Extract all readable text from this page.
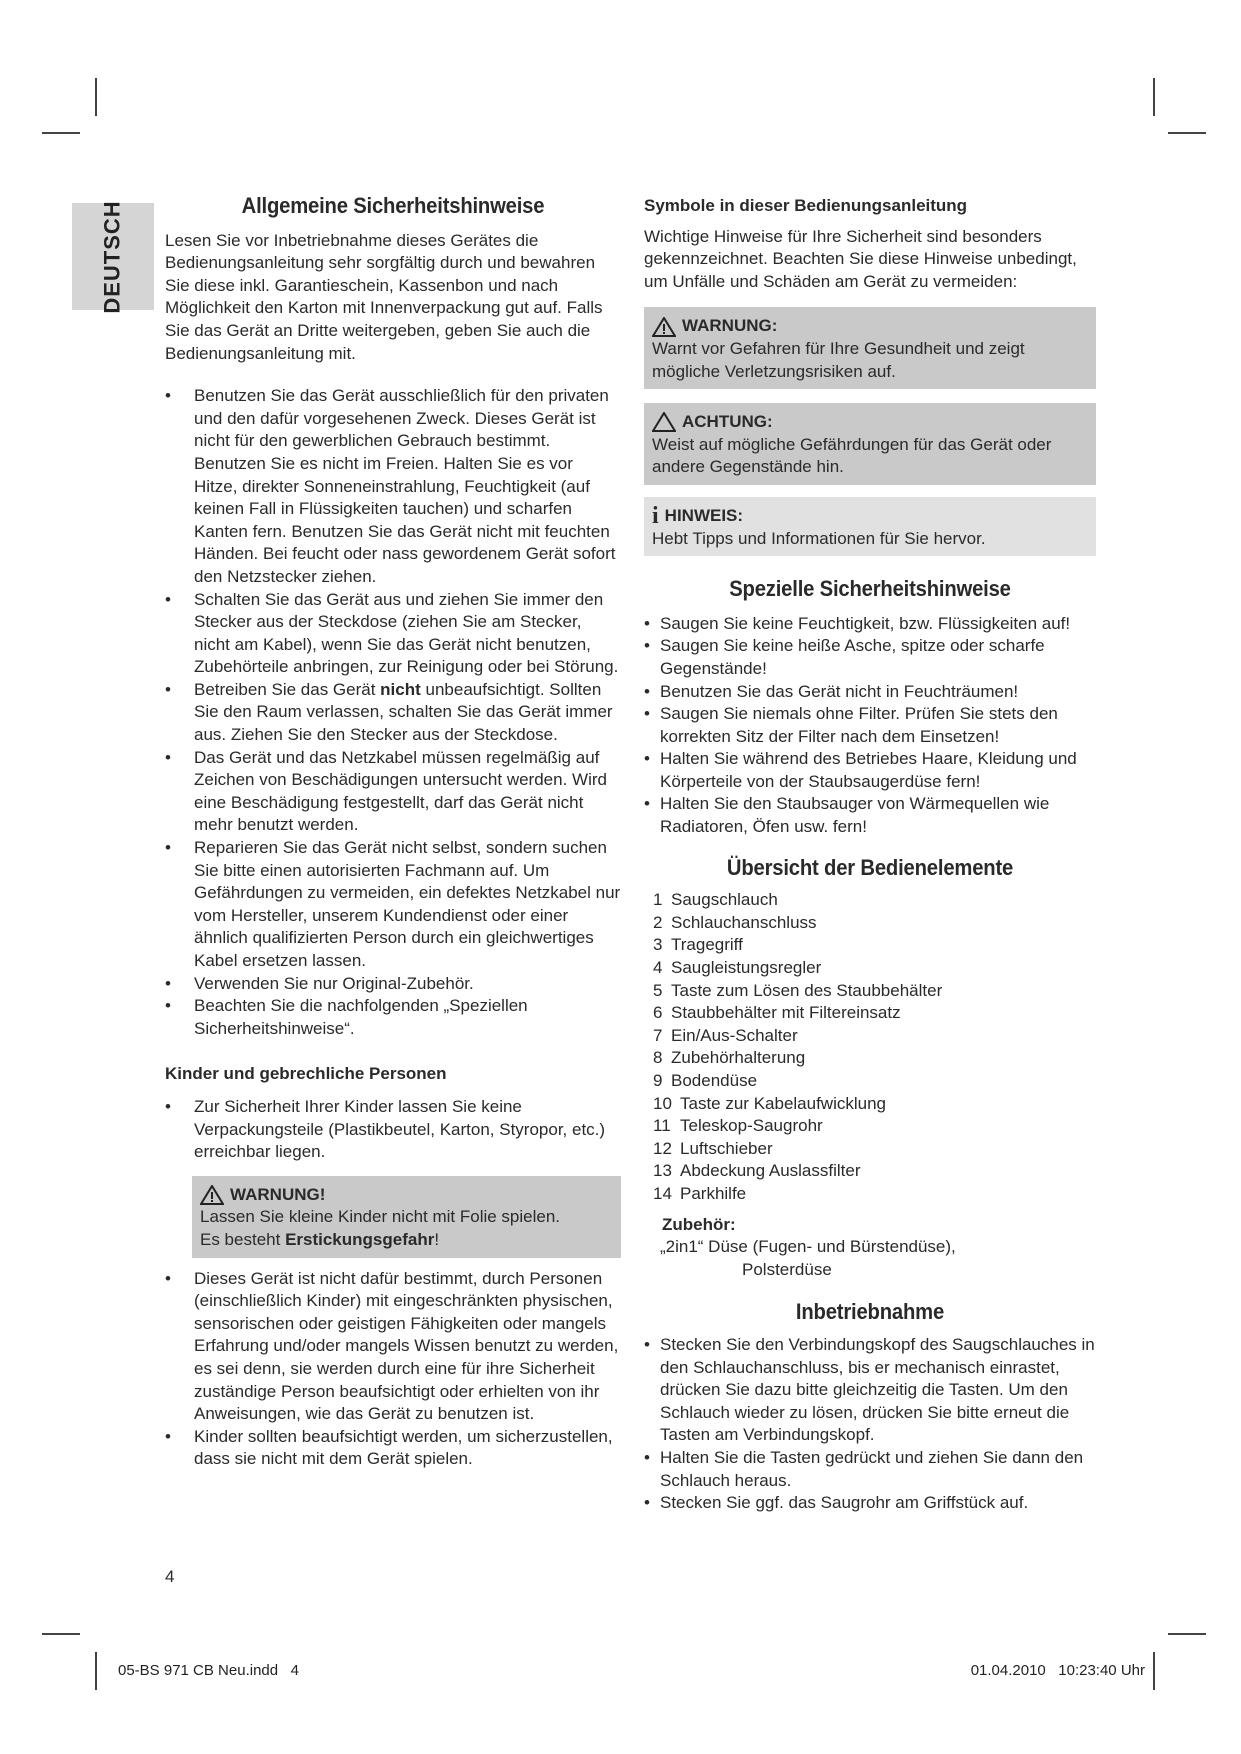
DEUTSCH	Allgemeine Sicherheitshinweise

Lesen Sie vor Inbetriebnahme dieses Gerätes die Bedienungsanleitung sehr sorgfältig durch und bewahren Sie diese inkl. Garantieschein, Kassenbon und nach Möglichkeit den Karton mit Innenverpackung gut auf. Falls Sie das Gerät an Dritte weitergeben, geben Sie auch die Bedienungsanleitung mit.

• Benutzen Sie das Gerät ausschließlich für den privaten und den dafür vorgesehenen Zweck. Dieses Gerät ist nicht für den gewerblichen Gebrauch bestimmt. Benutzen Sie es nicht im Freien. Halten Sie es vor Hitze, direkter Sonneneinstrahlung, Feuchtigkeit (auf keinen Fall in Flüssigkeiten tauchen) und scharfen Kanten fern. Benutzen Sie das Gerät nicht mit feuchten Händen. Bei feucht oder nass gewordenem Gerät sofort den Netzstecker ziehen.
• Schalten Sie das Gerät aus und ziehen Sie immer den Stecker aus der Steckdose (ziehen Sie am Stecker, nicht am Kabel), wenn Sie das Gerät nicht benutzen, Zubehörteile anbringen, zur Reinigung oder bei Störung.
• Betreiben Sie das Gerät nicht unbeaufsichtigt. Sollten Sie den Raum verlassen, schalten Sie das Gerät immer aus. Ziehen Sie den Stecker aus der Steckdose.
• Das Gerät und das Netzkabel müssen regelmäßig auf Zeichen von Beschädigungen untersucht werden. Wird eine Beschädigung festgestellt, darf das Gerät nicht mehr benutzt werden.
• Reparieren Sie das Gerät nicht selbst, sondern suchen Sie bitte einen autorisierten Fachmann auf. Um Gefährdungen zu vermeiden, ein defektes Netzkabel nur vom Hersteller, unserem Kundendienst oder einer ähnlich qualifizierten Person durch ein gleichwertiges Kabel ersetzen lassen.
• Verwenden Sie nur Original-Zubehör.
• Beachten Sie die nachfolgenden „Speziellen Sicherheitshinweise“.
Kinder und gebrechliche Personen
• Zur Sicherheit Ihrer Kinder lassen Sie keine Verpackungsteile (Plastikbeutel, Karton, Styropor, etc.) erreichbar liegen.
WARNUNG!
Lassen Sie kleine Kinder nicht mit Folie spielen.
Es besteht Erstickungsgefahr!
• Dieses Gerät ist nicht dafür bestimmt, durch Personen (einschließlich Kinder) mit eingeschränkten physischen, sensorischen oder geistigen Fähigkeiten oder mangels Erfahrung und/oder mangels Wissen benutzt zu werden, es sei denn, sie werden durch eine für ihre Sicherheit zuständige Person beaufsichtigt oder erhielten von ihr Anweisungen, wie das Gerät zu benutzen ist.
• Kinder sollten beaufsichtigt werden, um sicherzustellen, dass sie nicht mit dem Gerät spielen.
4
Symbole in dieser Bedienungsanleitung

Wichtige Hinweise für Ihre Sicherheit sind besonders gekennzeichnet. Beachten Sie diese Hinweise unbedingt, um Unfälle und Schäden am Gerät zu vermeiden:

WARNUNG:
Warnt vor Gefahren für Ihre Gesundheit und zeigt mögliche Verletzungsrisiken auf.
ACHTUNG:
Weist auf mögliche Gefährdungen für das Gerät oder andere Gegenstände hin.
i HINWEIS:
Hebt Tipps und Informationen für Sie hervor.
Spezielle Sicherheitshinweise
• Saugen Sie keine Feuchtigkeit, bzw. Flüssigkeiten auf!
• Saugen Sie keine heiße Asche, spitze oder scharfe Gegenstände!
• Benutzen Sie das Gerät nicht in Feuchträumen!
• Saugen Sie niemals ohne Filter. Prüfen Sie stets den korrekten Sitz der Filter nach dem Einsetzen!
• Halten Sie während des Betriebes Haare, Kleidung und Körperteile von der Staubsaugerdüse fern!
• Halten Sie den Staubsauger von Wärmequellen wie Radiatoren, Öfen usw. fern!
Übersicht der Bedienelemente
1 Saugschlauch
2 Schlauchanschluss
3 Tragegriff
4 Saugleistungsregler
5 Taste zum Lösen des Staubbehälter
6 Staubbehälter mit Filtereinsatz
7 Ein/Aus-Schalter
8 Zubehörhalterung
9 Bodendüse
10 Taste zur Kabelaufwicklung
11 Teleskop-Saugrohr
12 Luftschieber
13 Abdeckung Auslassfilter
14 Parkhilfe
Zubehör:
„2in1“ Düse (Fugen- und Bürstendüse),
Polsterdüse
Inbetriebnahme
• Stecken Sie den Verbindungskopf des Saugschlauches in den Schlauchanschluss, bis er mechanisch einrastet, drücken Sie dazu bitte gleichzeitig die Tasten. Um den Schlauch wieder zu lösen, drücken Sie bitte erneut die Tasten am Verbindungskopf.
• Halten Sie die Tasten gedrückt und ziehen Sie dann den Schlauch heraus.
• Stecken Sie ggf. das Saugrohr am Griffstück auf.
05-BS 971 CB Neu.indd   4	01.04.2010   10:23:40 Uhr
